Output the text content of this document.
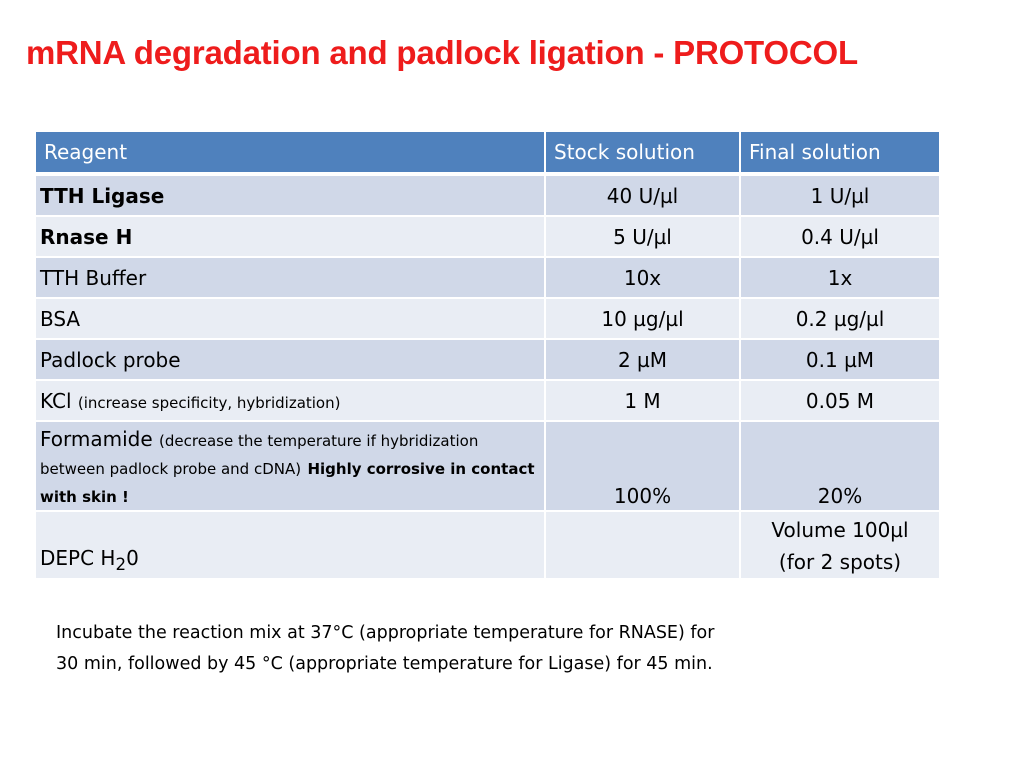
mRNA degradation and padlock ligation - PROTOCOL
Reagent	Stock solution	Final solution
TTH Ligase	40 U/µl	1 U/µl
Rnase H	5 U/µl	0.4 U/µl
TTH Buffer	10x	1x
BSA	10 µg/µl	0.2 µg/µl
Padlock probe	2 µM	0.1 µM
KCl (increase specificity, hybridization)	1 M	0.05 M
Formamide (decrease the temperature if hybridization between padlock probe and cDNA) Highly corrosive in contact with skin !	100%	20%
DEPC $H_20$		Volume 100µl
(for 2 spots)

Incubate the reaction mix at 37°C (appropriate temperature for RNASE) for
30 min, followed by 45 °C (appropriate temperature for Ligase) for 45 min.
